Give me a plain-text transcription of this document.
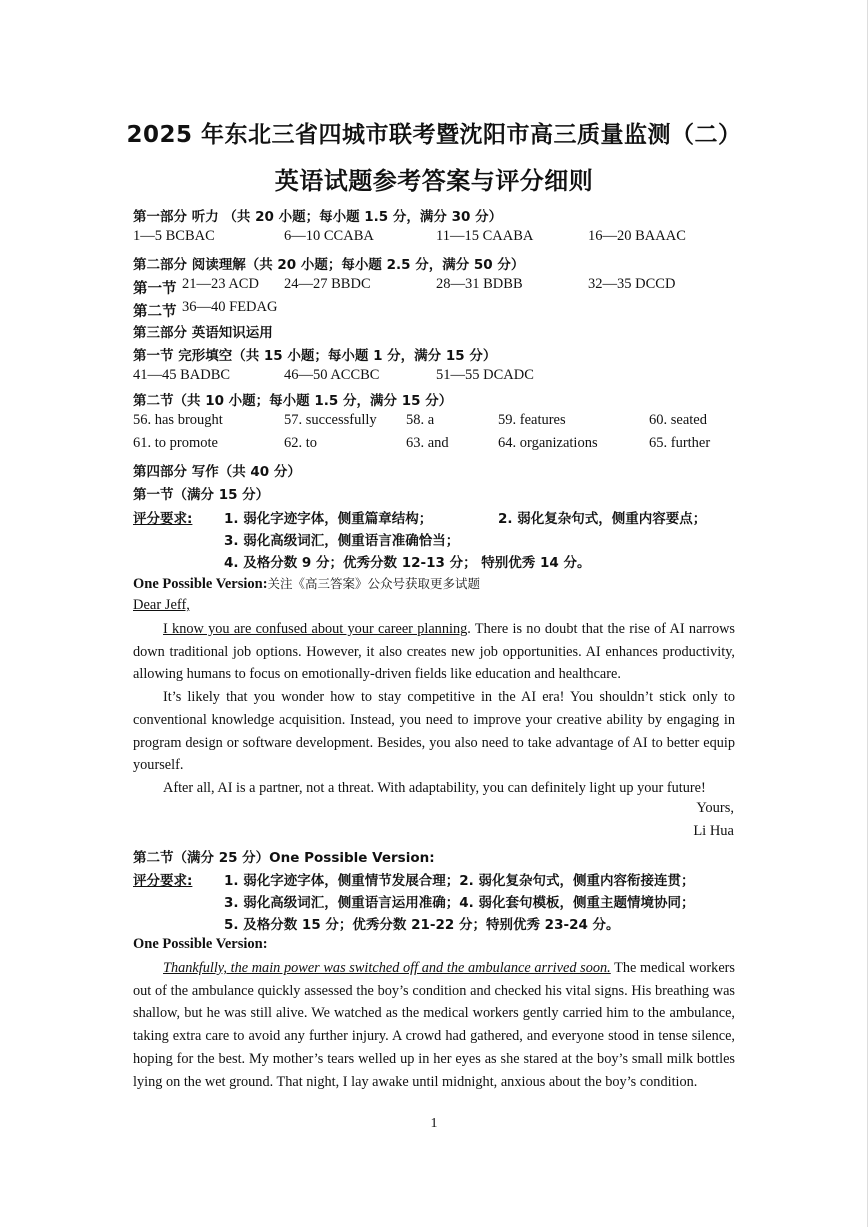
2025 年东北三省四城市联考暨沈阳市高三质量监测（二）
英语试题参考答案与评分细则
第一部分 听力 （共 20 小题；每小题 1.5 分，满分 30 分）
1—5 BCBAC	6—10 CCABA	11—15 CAABA	16—20 BAAAC
第二部分 阅读理解（共 20 小题；每小题 2.5 分，满分 50 分）
第一节 21—23 ACD 24—27 BBDC	28—31 BDBB	32—35 DCCD
第二节 36—40 FEDAG
第三部分 英语知识运用
第一节 完形填空（共 15 小题；每小题 1 分，满分 15 分）
41—45 BADBC	46—50 ACCBC	51—55 DCADC
第二节（共 10 小题；每小题 1.5 分，满分 15 分）
56. has brought	57. successfully 58. a	59. features	60. seated
61. to promote	62. to	63. and	64. organizations	65. further
第四部分 写作（共 40 分）
第一节（满分 15 分）
评分要求: 1. 弱化字迹字体，侧重篇章结构；	2. 弱化复杂句式，侧重内容要点；
3. 弱化高级词汇，侧重语言准确恰当；
4. 及格分数 9 分；优秀分数 12-13 分； 特别优秀 14 分。
One Possible Version:关注《高三答案》公众号获取更多试题
Dear Jeff,

I know you are confused about your career planning. There is no doubt that the rise of AI narrows down traditional job options. However, it also creates new job opportunities. AI enhances productivity, allowing humans to focus on emotionally-driven fields like education and healthcare.

It’s likely that you wonder how to stay competitive in the AI era! You shouldn’t stick only to conventional knowledge acquisition. Instead, you need to improve your creative ability by engaging in program design or software development. Besides, you also need to take advantage of AI to better equip yourself.

After all, AI is a partner, not a threat. With adaptability, you can definitely light up your future!

Yours,
Li Hua
第二节（满分 25 分）One Possible Version:
评分要求: 1. 弱化字迹字体，侧重情节发展合理；2. 弱化复杂句式，侧重内容衔接连贯；
3. 弱化高级词汇，侧重语言运用准确；4. 弱化套句模板，侧重主题情境协同；
5. 及格分数 15 分；优秀分数 21-22 分；特别优秀 23-24 分。
One Possible Version:

Thankfully, the main power was switched off and the ambulance arrived soon. The medical workers out of the ambulance quickly assessed the boy’s condition and checked his vital signs. His breathing was shallow, but he was still alive. We watched as the medical workers gently carried him to the ambulance, taking extra care to avoid any further injury. A crowd had gathered, and everyone stood in tense silence, hoping for the best. My mother’s tears welled up in her eyes as she stared at the boy’s small milk bottles lying on the wet ground. That night, I lay awake until midnight, anxious about the boy’s condition.

1
